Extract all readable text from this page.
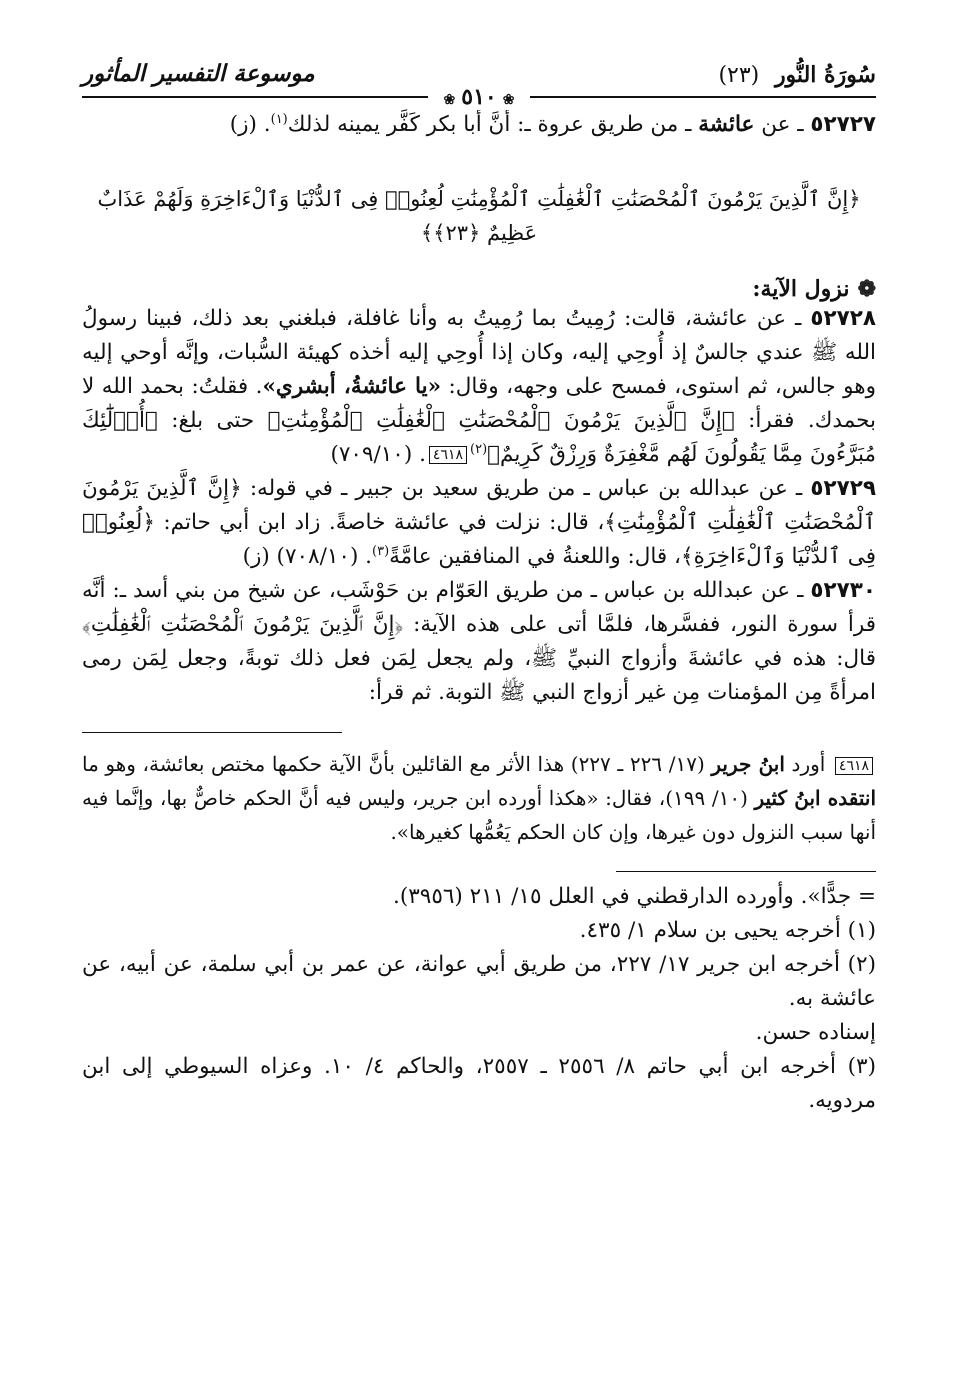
سُورَةُ النُّور (٢٣)
موسوعة التفسير المأثور
❀٥١٠❀

٥٢٧٢٧ ـ عن عائشة ـ من طريق عروة ـ: أنَّ أبا بكر كَفَّر يمينه لذلك$^{(١)}$. (ز)

﴿إِنَّ ٱلَّذِينَ يَرْمُونَ ٱلْمُحْصَنَٰتِ ٱلْغَٰفِلَٰتِ ٱلْمُؤْمِنَٰتِ لُعِنُوا۟ فِى ٱلدُّنْيَا وَٱلْءَاخِرَةِ وَلَهُمْ عَذَابٌ عَظِيمٌ ﴿٢٣﴾﴾
❁نزول الآية:

٥٢٧٢٨ ـ عن عائشة، قالت: رُمِيتُ بما رُمِيتُ به وأنا غافلة، فبلغني بعد ذلك، فبينا رسولُ الله ﷺ عندي جالسٌ إذ أُوحِي إليه، وكان إذا أُوحِي إليه أخذه كهيئة السُّبات، وإنَّه أوحي إليه وهو جالس، ثم استوى، فمسح على وجهه، وقال: «يا عائشةُ، أبشري». فقلتُ: بحمد الله لا بحمدك. فقرأ: ﴿إِنَّ ٱلَّذِينَ يَرْمُونَ ٱلْمُحْصَنَٰتِ ٱلْغَٰفِلَٰتِ ٱلْمُؤْمِنَٰتِ﴾ حتى بلغ: ﴿أُو۟لَٰٓئِكَ مُبَرَّءُونَ مِمَّا يَقُولُونَ لَهُم مَّغْفِرَةٌ وَرِزْقٌ كَرِيمٌ﴾$^{(٢)}$٤٦١٨. (٧٠٩/١٠)

٥٢٧٢٩ ـ عن عبدالله بن عباس ـ من طريق سعيد بن جبير ـ في قوله: ﴿إِنَّ ٱلَّذِينَ يَرْمُونَ ٱلْمُحْصَنَٰتِ ٱلْغَٰفِلَٰتِ ٱلْمُؤْمِنَٰتِ﴾، قال: نزلت في عائشة خاصةً. زاد ابن أبي حاتم: ﴿لُعِنُوا۟ فِى ٱلدُّنْيَا وَٱلْءَاخِرَةِ﴾، قال: واللعنةُ في المنافقين عامَّةً$^{(٣)}$. (٧٠٨/١٠) (ز)

٥٢٧٣٠ ـ عن عبدالله بن عباس ـ من طريق العَوّام بن حَوْشَب، عن شيخ من بني أسد ـ: أنَّه قرأ سورة النور، ففسَّرها، فلمَّا أتى على هذه الآية: ﴿إِنَّ ٱلَّذِينَ يَرْمُونَ ٱلْمُحْصَنَٰتِ ٱلْغَٰفِلَٰتِ﴾ قال: هذه في عائشةَ وأزواج النبيِّ ﷺ، ولم يجعل لِمَن فعل ذلك توبةً، وجعل لِمَن رمى امرأةً مِن المؤمنات مِن غير أزواج النبي ﷺ التوبة. ثم قرأ:

٤٦١٨ أورد ابنُ جرير (١٧/ ٢٢٦ ـ ٢٢٧) هذا الأثر مع القائلين بأنَّ الآية حكمها مختص بعائشة، وهو ما انتقده ابنُ كثير (١٠/ ١٩٩)، فقال: «هكذا أورده ابن جرير، وليس فيه أنَّ الحكم خاصٌّ بها، وإنَّما فيه أنها سبب النزول دون غيرها، وإن كان الحكم يَعُمُّها كغيرها».

= جدًّا». وأورده الدارقطني في العلل ١٥/ ٢١١ (٣٩٥٦).

(١) أخرجه يحيى بن سلام ١/ ٤٣٥.

(٢) أخرجه ابن جرير ١٧/ ٢٢٧، من طريق أبي عوانة، عن عمر بن أبي سلمة، عن أبيه، عن عائشة به.

إسناده حسن.

(٣) أخرجه ابن أبي حاتم ٨/ ٢٥٥٦ ـ ٢٥٥٧، والحاكم ٤/ ١٠. وعزاه السيوطي إلى ابن مردويه.
